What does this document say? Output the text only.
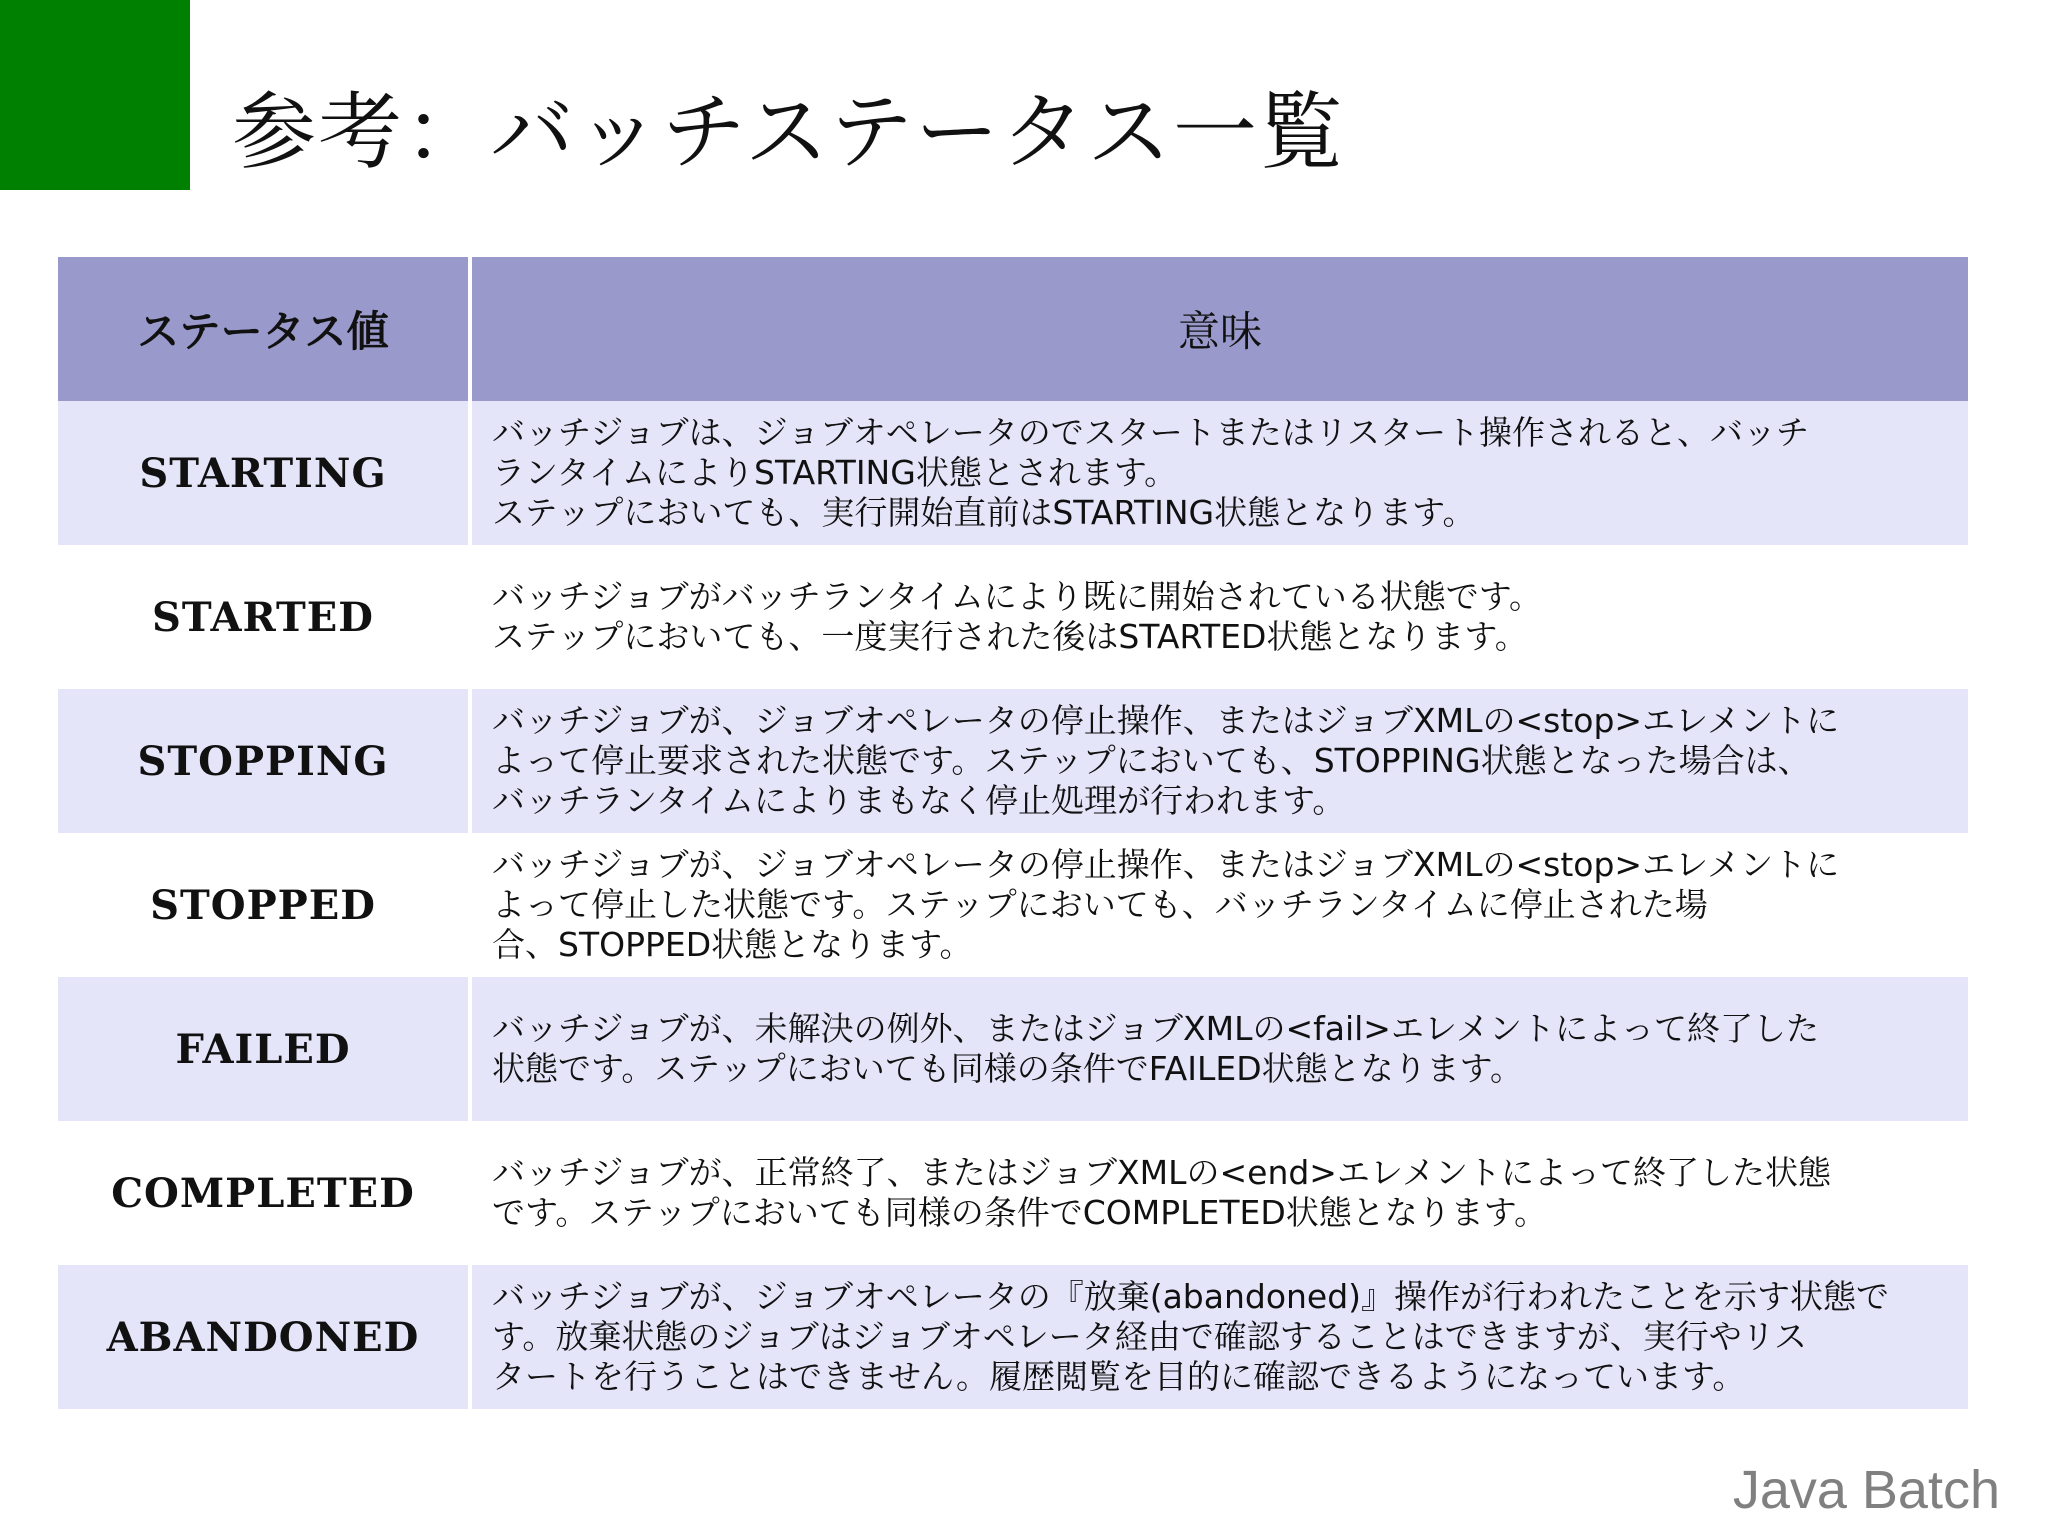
参考：バッチステータス一覧
ステータス値	意味
STARTING	バッチジョブは、ジョブオペレータのでスタートまたはリスタート操作されると、バッチ
ランタイムによりSTARTING状態とされます。
ステップにおいても、実行開始直前はSTARTING状態となります。

STARTED	バッチジョブがバッチランタイムにより既に開始されている状態です。
ステップにおいても、一度実行された後はSTARTED状態となります。

STOPPING	バッチジョブが、ジョブオペレータの停止操作、またはジョブXMLの<stop>エレメントに
よって停止要求された状態です。ステップにおいても、STOPPING状態となった場合は、
バッチランタイムによりまもなく停止処理が行われます。

STOPPED	バッチジョブが、ジョブオペレータの停止操作、またはジョブXMLの<stop>エレメントに
よって停止した状態です。ステップにおいても、バッチランタイムに停止された場
合、STOPPED状態となります。

FAILED	バッチジョブが、未解決の例外、またはジョブXMLの<fail>エレメントによって終了した
状態です。ステップにおいても同様の条件でFAILED状態となります。

COMPLETED	バッチジョブが、正常終了、またはジョブXMLの<end>エレメントによって終了した状態
です。ステップにおいても同様の条件でCOMPLETED状態となります。

ABANDONED	バッチジョブが、ジョブオペレータの『放棄(abandoned)』操作が行われたことを示す状態で
す。放棄状態のジョブはジョブオペレータ経由で確認することはできますが、実行やリス
タートを行うことはできません。履歴閲覧を目的に確認できるようになっています。
Java Batch
